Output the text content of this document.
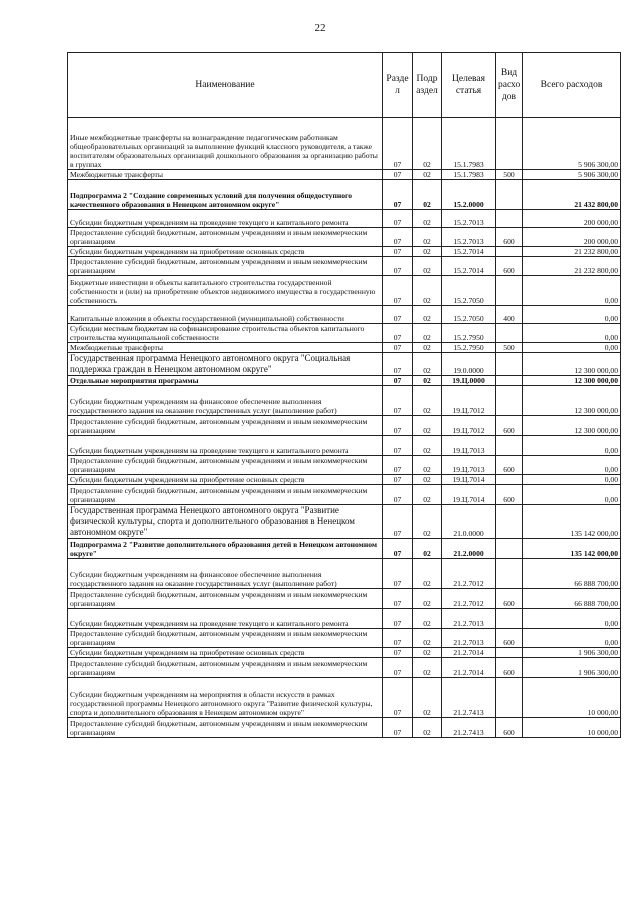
22
Наименование	Разде л	Подр аздел	Целевая статья	Вид расхо дов	Всего расходов
Иные межбюджетные трансферты на вознаграждение педагогическим работникам общеобразовательных организаций за выполнение функций классного руководителя, а также воспитателям образовательных организаций дошкольного образования за организацию работы в группах	07	02	15.1.7983		5 906 300,00
Межбюджетные трансферты	07	02	15.1.7983	500	5 906 300,00
Подпрограмма 2 "Создание современных условий для получения общедоступного качественного образования в Ненецком автономном округе"	07	02	15.2.0000		21 432 800,00
Субсидии бюджетным учреждениям на проведение текущего и капитального ремонта	07	02	15.2.7013		200 000,00
Предоставление субсидий бюджетным, автономным учреждениям и иным некоммерческим организациям	07	02	15.2.7013	600	200 000,00
Субсидии бюджетным учреждениям на приобретение основных средств	07	02	15.2.7014		21 232 800,00
Предоставление субсидий бюджетным, автономным учреждениям и иным некоммерческим организациям	07	02	15.2.7014	600	21 232 800,00
Бюджетные инвестиции в объекты капитального строительства государственной собственности и (или) на приобретение объектов недвижимого имущества в государственную собственность	07	02	15.2.7050		0,00
Капитальные вложения в объекты государственной (муниципальной) собственности	07	02	15.2.7050	400	0,00
Субсидии местным бюджетам на софинансирование строительства объектов капитального строительства муниципальной собственности	07	02	15.2.7950		0,00
Межбюджетные трансферты	07	02	15.2.7950	500	0,00
Государственная программа Ненецкого автономного округа "Социальная поддержка граждан в Ненецком автономном округе"	07	02	19.0.0000		12 300 000,00
Отдельные мероприятия программы	07	02	19.Ц.0000		12 300 000,00
Субсидии бюджетным учреждениям на финансовое обеспечение выполнения государственного задания на оказание государственных услуг (выполнение работ)	07	02	19.Ц.7012		12 300 000,00
Предоставление субсидий бюджетным, автономным учреждениям и иным некоммерческим организациям	07	02	19.Ц.7012	600	12 300 000,00
Субсидии бюджетным учреждениям на проведение текущего и капитального ремонта	07	02	19.Ц.7013		0,00
Предоставление субсидий бюджетным, автономным учреждениям и иным некоммерческим организациям	07	02	19.Ц.7013	600	0,00
Субсидии бюджетным учреждениям на приобретение основных средств	07	02	19.Ц.7014		0,00
Предоставление субсидий бюджетным, автономным учреждениям и иным некоммерческим организациям	07	02	19.Ц.7014	600	0,00
Государственная программа Ненецкого автономного округа "Развитие физической культуры, спорта и дополнительного образования в Ненецком автономном округе"	07	02	21.0.0000		135 142 000,00
Подпрограмма 2 "Развитие дополнительного образования детей в Ненецком автономном округе"	07	02	21.2.0000		135 142 000,00
Субсидии бюджетным учреждениям на финансовое обеспечение выполнения государственного задания на оказание государственных услуг (выполнение работ)	07	02	21.2.7012		66 888 700,00
Предоставление субсидий бюджетным, автономным учреждениям и иным некоммерческим организациям	07	02	21.2.7012	600	66 888 700,00
Субсидии бюджетным учреждениям на проведение текущего и капитального ремонта	07	02	21.2.7013		0,00
Предоставление субсидий бюджетным, автономным учреждениям и иным некоммерческим организациям	07	02	21.2.7013	600	0,00
Субсидии бюджетным учреждениям на приобретение основных средств	07	02	21.2.7014		1 906 300,00
Предоставление субсидий бюджетным, автономным учреждениям и иным некоммерческим организациям	07	02	21.2.7014	600	1 906 300,00
Субсидии бюджетным учреждениям на мероприятия в области искусств в рамках государственной программы Ненецкого автономного округа "Развитие физической культуры, спорта и дополнительного образования в Ненецком автономном округе"	07	02	21.2.7413		10 000,00
Предоставление субсидий бюджетным, автономным учреждениям и иным некоммерческим организациям	07	02	21.2.7413	600	10 000,00
